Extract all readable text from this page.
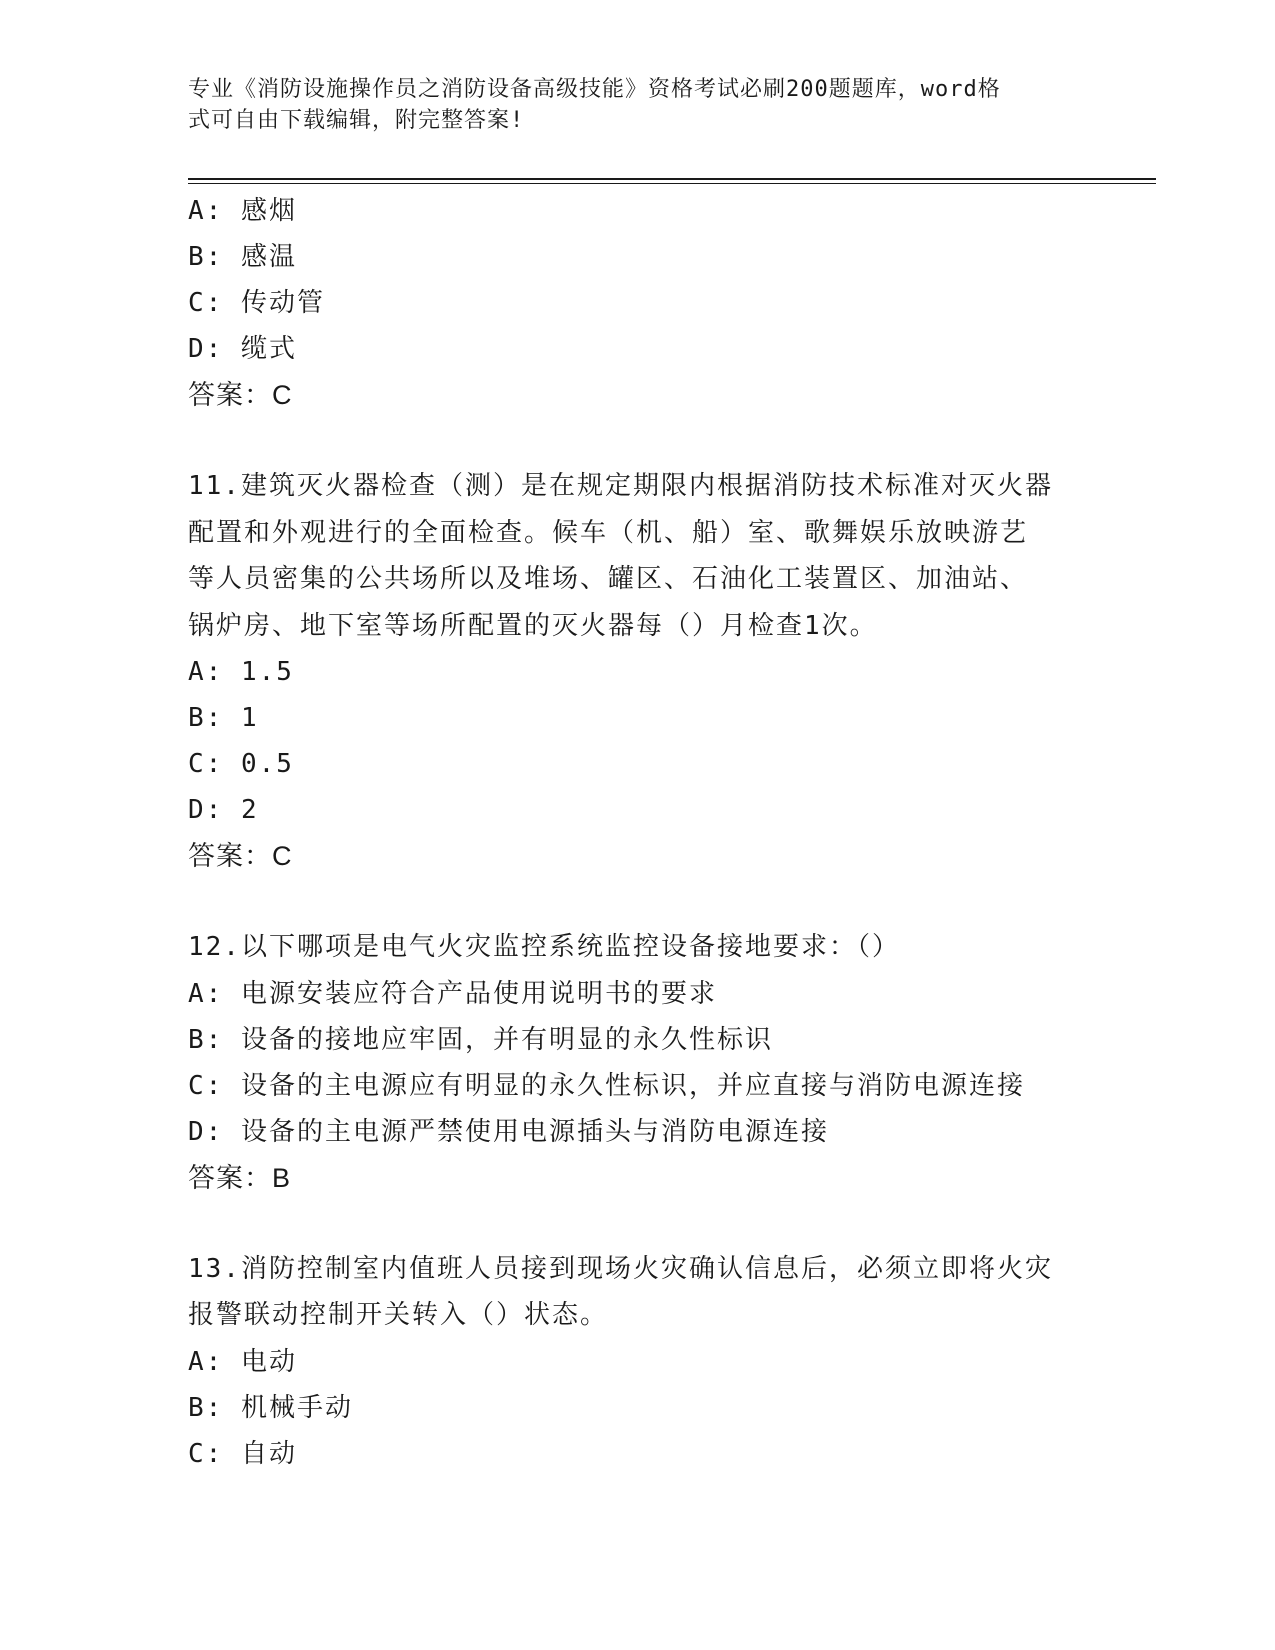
专业《消防设施操作员之消防设备高级技能》资格考试必刷200题题库，word格
式可自由下载编辑，附完整答案!
A: 感烟
B: 感温
C: 传动管
D: 缆式
答案：C
11.建筑灭火器检查（测）是在规定期限内根据消防技术标准对灭火器
配置和外观进行的全面检查。候车（机、船）室、歌舞娱乐放映游艺
等人员密集的公共场所以及堆场、罐区、石油化工装置区、加油站、
锅炉房、地下室等场所配置的灭火器每（）月检查1次。
A: 1.5
B: 1
C: 0.5
D: 2
答案：C
12.以下哪项是电气火灾监控系统监控设备接地要求：（）
A: 电源安装应符合产品使用说明书的要求
B: 设备的接地应牢固，并有明显的永久性标识
C: 设备的主电源应有明显的永久性标识，并应直接与消防电源连接
D: 设备的主电源严禁使用电源插头与消防电源连接
答案：B
13.消防控制室内值班人员接到现场火灾确认信息后，必须立即将火灾
报警联动控制开关转入（）状态。
A: 电动
B: 机械手动
C: 自动
